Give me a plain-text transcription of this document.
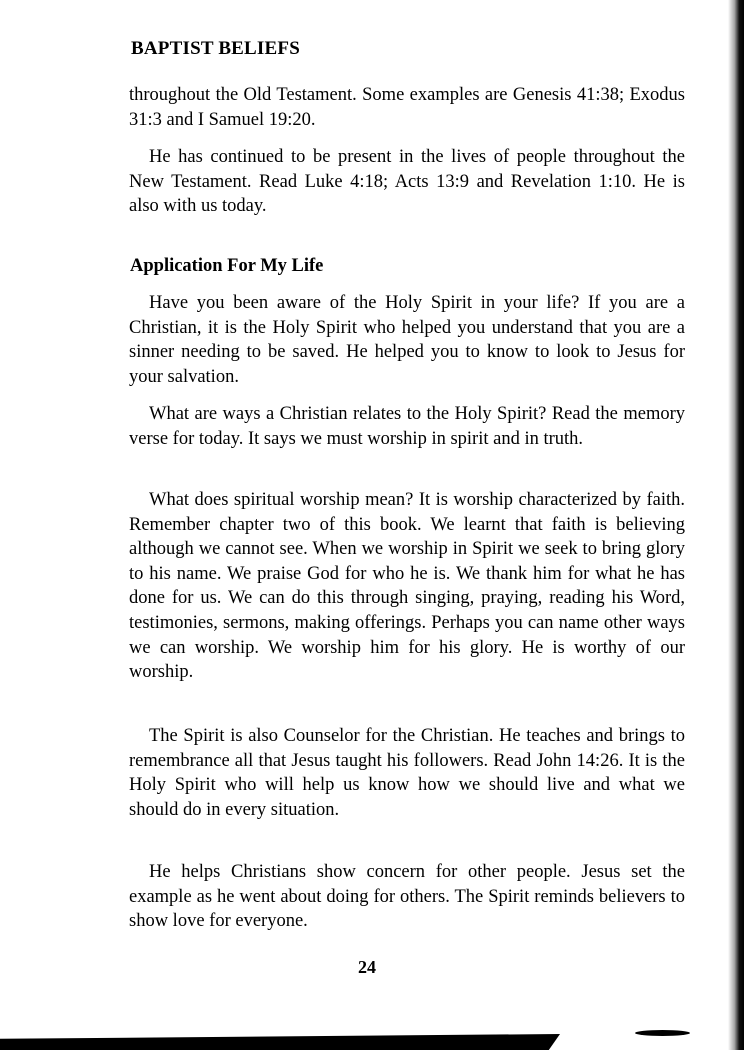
BAPTIST BELIEFS

throughout the Old Testament. Some examples are Genesis 41:38; Exodus 31:3 and I Samuel 19:20.

He has continued to be present in the lives of people throughout the New Testament. Read Luke 4:18; Acts 13:9 and Revelation 1:10. He is also with us today.

Application For My Life

Have you been aware of the Holy Spirit in your life? If you are a Christian, it is the Holy Spirit who helped you understand that you are a sinner needing to be saved. He helped you to know to look to Jesus for your salvation.

What are ways a Christian relates to the Holy Spirit? Read the memory verse for today. It says we must worship in spirit and in truth.

What does spiritual worship mean? It is worship characterized by faith. Remember chapter two of this book. We learnt that faith is believing although we cannot see. When we worship in Spirit we seek to bring glory to his name. We praise God for who he is. We thank him for what he has done for us. We can do this through singing, praying, reading his Word, testimonies, sermons, making offerings. Perhaps you can name other ways we can worship. We worship him for his glory. He is worthy of our worship.

The Spirit is also Counselor for the Christian. He teaches and brings to remembrance all that Jesus taught his followers. Read John 14:26. It is the Holy Spirit who will help us know how we should live and what we should do in every situation.

He helps Christians show concern for other people. Jesus set the example as he went about doing for others. The Spirit reminds believers to show love for everyone.

24
